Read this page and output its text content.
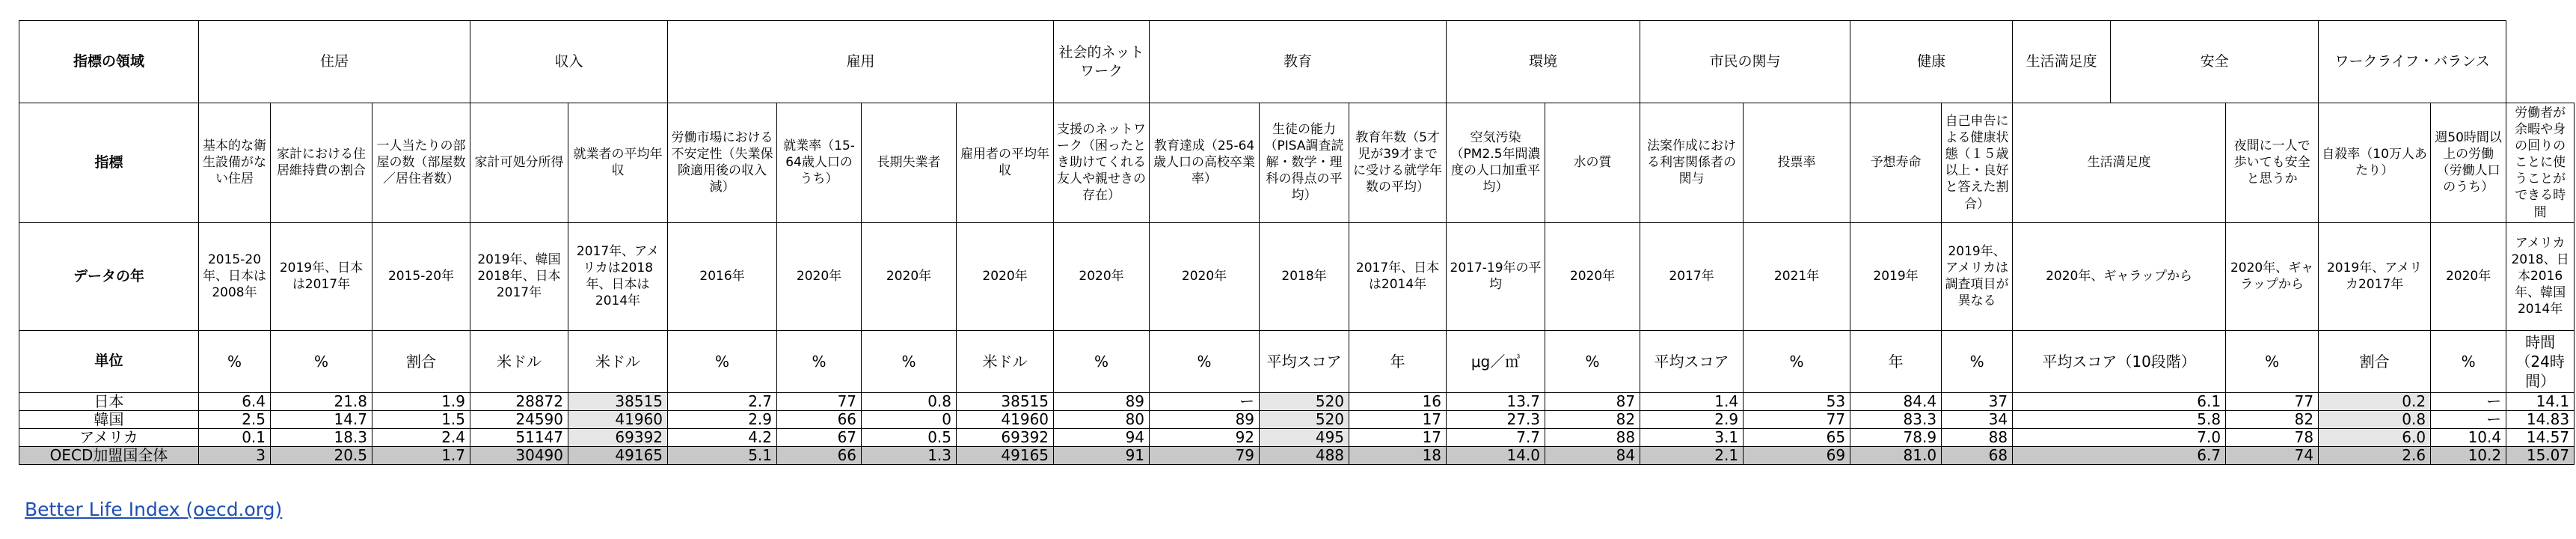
指標の領域	住居			収入		雇用				社会的ネットワーク	教育			環境		市民の関与		健康		生活満足度	安全		ワークライフ・バランス		
指標	基本的な衛生設備がない住居	家計における住居維持費の割合	一人当たりの部屋の数（部屋数／居住者数）	家計可処分所得	就業者の平均年収	労働市場における不安定性（失業保険適用後の収入減）	就業率（15-64歳人口のうち）	長期失業者	雇用者の平均年収	支援のネットワーク（困ったとき助けてくれる友人や親せきの存在）	教育達成（25-64歳人口の高校卒業率）	生徒の能力（PISA調査読解・数学・理科の得点の平均）	教育年数（5才児が39才までに受ける就学年数の平均）	空気汚染（PM2.5年間濃度の人口加重平均）	水の質	法案作成における利害関係者の関与	投票率	予想寿命	自己申告による健康状態（１５歳以上・良好と答えた割合）	生活満足度		夜間に一人で歩いても安全と思うか	自殺率（10万人あたり）	週50時間以上の労働（労働人口のうち）	労働者が余暇や身の回りのことに使うことができる時間
データの年	2015-20年、日本は2008年	2019年、日本は2017年	2015-20年	2019年、韓国2018年、日本2017年	2017年、アメリカは2018年、日本は2014年	2016年	2020年	2020年	2020年	2020年	2020年	2018年	2017年、日本は2014年	2017-19年の平均	2020年	2017年	2021年	2019年	2019年、アメリカは調査項目が異なる	2020年、ギャラップから		2020年、ギャラップから	2019年、アメリカ2017年	2020年	アメリカ2018、日本2016年、韓国2014年
単位	%	%	割合	米ドル	米ドル	%	%	%	米ドル	%	%	平均スコア	年	μg／㎥	%	平均スコア	%	年	%	平均スコア（10段階）		%	割合	%	時間（24時間）
日本	6.4	21.8	1.9	28872	38515	2.7	77	0.8	38515	89	ー	520	16	13.7	87	1.4	53	84.4	37	6.1		77	0.2	ー	14.1
韓国	2.5	14.7	1.5	24590	41960	2.9	66	0	41960	80	89	520	17	27.3	82	2.9	77	83.3	34	5.8		82	0.8	ー	14.83
アメリカ	0.1	18.3	2.4	51147	69392	4.2	67	0.5	69392	94	92	495	17	7.7	88	3.1	65	78.9	88	7.0		78	6.0	10.4	14.57
OECD加盟国全体	3	20.5	1.7	30490	49165	5.1	66	1.3	49165	91	79	488	18	14.0	84	2.1	69	81.0	68	6.7		74	2.6	10.2	15.07
Better Life Index (oecd.org)
